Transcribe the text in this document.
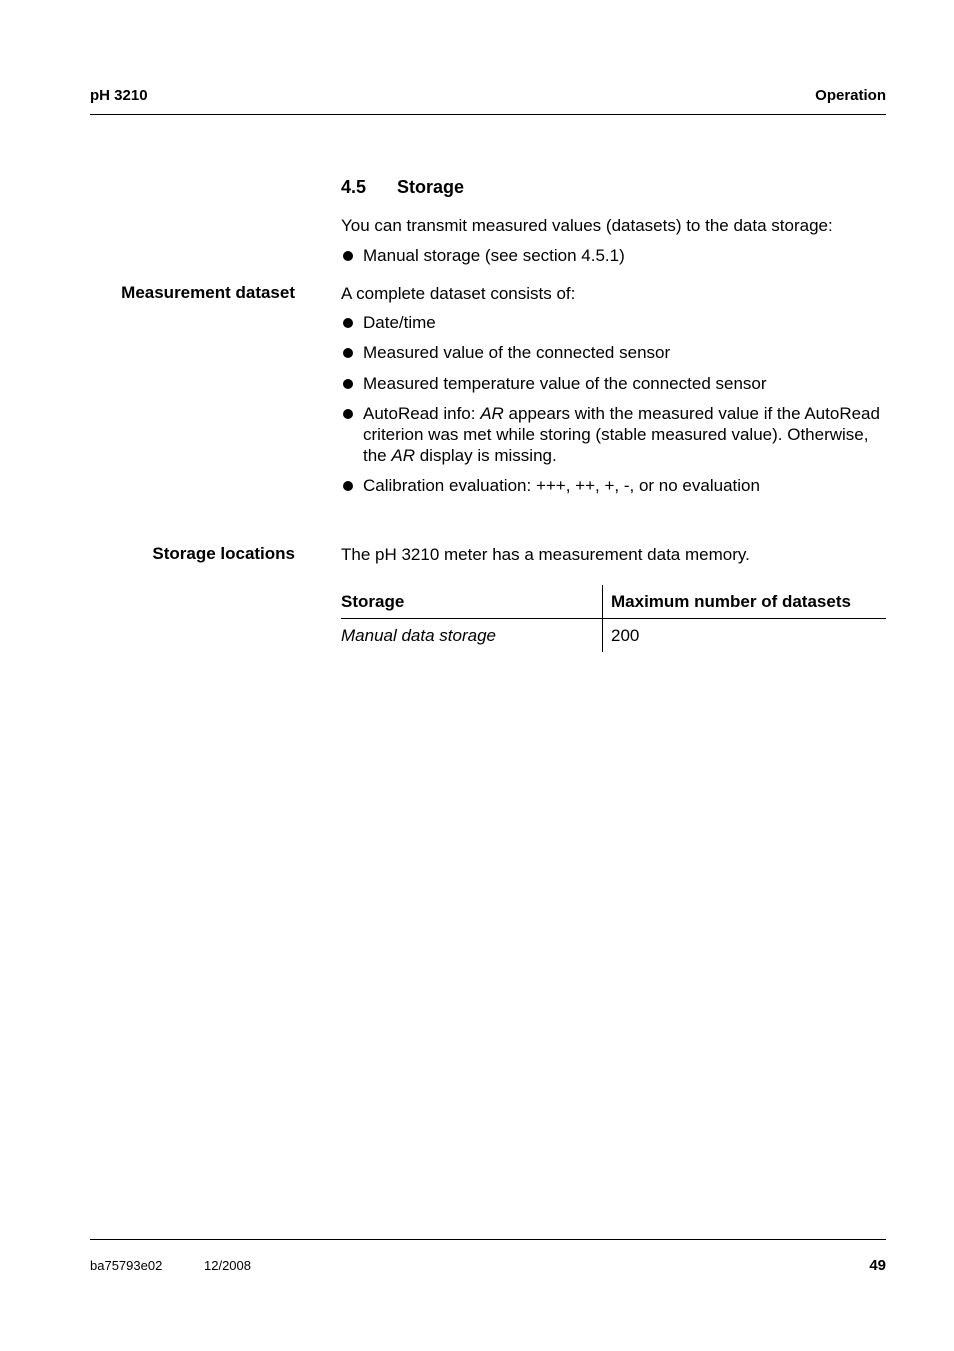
pH 3210	Operation
4.5 Storage
You can transmit measured values (datasets) to the data storage:
Manual storage (see section 4.5.1)
Measurement dataset	A complete dataset consists of:
Date/time
Measured value of the connected sensor
Measured temperature value of the connected sensor
AutoRead info: AR appears with the measured value if the AutoRead criterion was met while storing (stable measured value). Otherwise, the AR display is missing.
Calibration evaluation: +++, ++, +, -, or no evaluation
Storage locations	The pH 3210 meter has a measurement data memory.
Storage	Maximum number of datasets
Manual data storage	200
ba75793e02	12/2008	49
